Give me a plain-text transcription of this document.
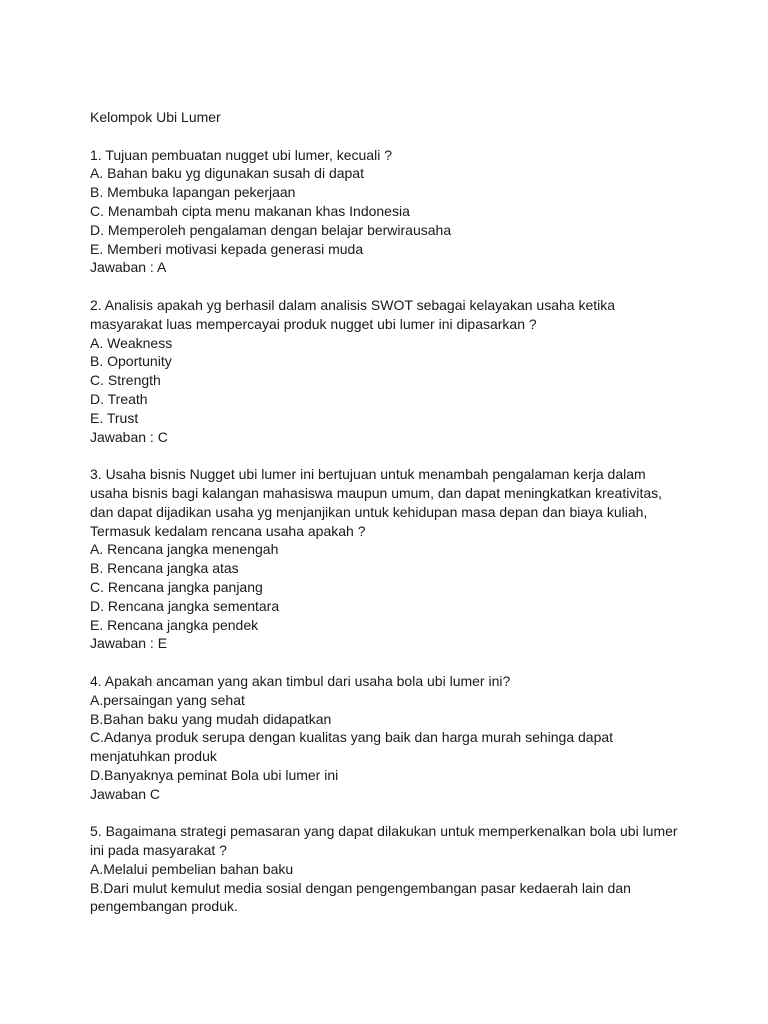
Kelompok Ubi Lumer
1. Tujuan pembuatan nugget ubi lumer, kecuali ?
A. Bahan baku yg digunakan susah di dapat
B. Membuka lapangan pekerjaan
C. Menambah cipta menu makanan khas Indonesia
D. Memperoleh pengalaman dengan belajar berwirausaha
E. Memberi motivasi kepada generasi muda
Jawaban : A
2. Analisis apakah yg berhasil dalam analisis SWOT sebagai kelayakan usaha ketika
masyarakat luas mempercayai produk nugget ubi lumer ini dipasarkan ?
A. Weakness
B. Oportunity
C. Strength
D. Treath
E. Trust
Jawaban : C
3. Usaha bisnis Nugget ubi lumer ini bertujuan untuk menambah pengalaman kerja dalam
usaha bisnis bagi kalangan mahasiswa maupun umum, dan dapat meningkatkan kreativitas,
dan dapat dijadikan usaha yg menjanjikan untuk kehidupan masa depan dan biaya kuliah,
Termasuk kedalam rencana usaha apakah ?
A. Rencana jangka menengah
B. Rencana jangka atas
C. Rencana jangka panjang
D. Rencana jangka sementara
E. Rencana jangka pendek
Jawaban : E
4. Apakah ancaman yang akan timbul dari usaha bola ubi lumer ini?
A.persaingan yang sehat
B.Bahan baku yang mudah didapatkan
C.Adanya produk serupa dengan kualitas yang baik dan harga murah sehinga dapat
menjatuhkan produk
D.Banyaknya peminat Bola ubi lumer ini
Jawaban C
5. Bagaimana strategi pemasaran yang dapat dilakukan untuk memperkenalkan bola ubi lumer
ini pada masyarakat ?
A.Melalui pembelian bahan baku
B.Dari mulut kemulut media sosial dengan pengengembangan pasar kedaerah lain dan
pengembangan produk.
